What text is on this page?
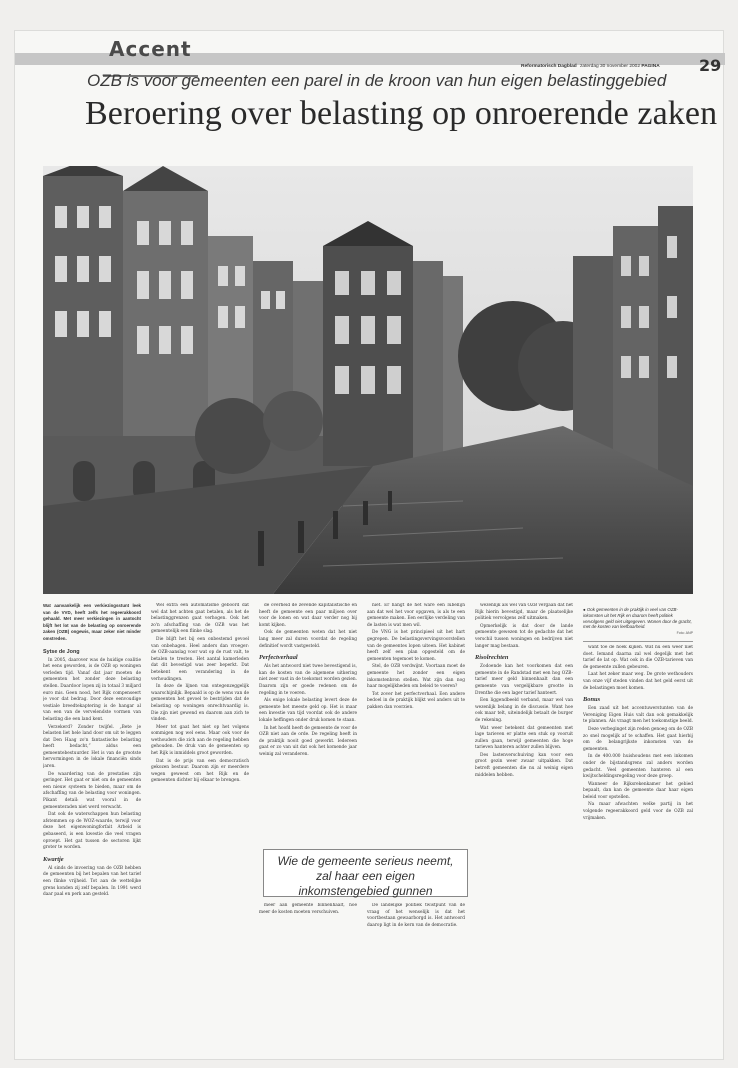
Accent
Reformatorisch Dagblad zaterdag 30 november 2002 PAGINA 29
OZB is voor gemeenten een parel in de kroon van hun eigen belastinggebied
Beroering over belasting op onroerende zaken

Wat aanvankelijk een verkiezingsstunt leek van de VVD, heeft zelfs het regeerakkoord gehaald. Met meer verkiezingen in aantocht blijft het lot van de belasting op onroerende zaken (OZB) ongewis, maar zeker niet minder omstreden.

Sytse de Jong

In 2005, daarover was de huidige coalitie het eens geworden, is de OZB op woningen verleden tijd. Vanaf dat jaar moeten de gemeenten het zonder deze belasting stellen. Daardoor lopen zij in totaal 3 miljard euro mis. Geen nood, het Rijk compenseert je voor dat bedrag. Door deze eenvoudige vestiale breedtekaptering is de hangar al van een van de vervelendste vormen van belasting die een land kent.

Verzekerd? Zonder twijfel. „Bete je belasten liet hele land door om uit te leggen dat Den Haag zo'n fantastische belasting heeft bedacht,” aldus een gemeentebestuurder. Het is van de grootste hervormingen in de lokale financiën sinds jaren.

De waardering van de prestaties zijn geringer. Het gaat er niet om de gemeenten een nieuw systeem te bieden, maar om de afschaffing van de belasting voor woningen. Pikant detail: wat vooral in de gemeenteraden niet werd verwacht.

Dat ook de waterschappen hun belasting afstemmen op de WOZ-waarde, terwijl voor deze het eigenwoningforfait Arbeid is gebaseerd, is een kwestie die veel vragen oproept. Het gat tussen de sectoren lijkt groter te worden.

Kwartje

Al sinds de invoering van de OZB hebben de gemeenten bij het bepalen van het tarief een flinke vrijheid. Tot aan de wettelijke grens konden zij zelf bepalen. In 1991 werd daar paal en perk aan gesteld.

Wel extra een automatisme geboord dat wel dat het achten gaat betalen, als het de belastinggrenzen gaat verhogen. Ook het zo'n afschaffing van de OZB was het gemeentelijk een flinke slag.

Die blijft het bij een onbestemd gevoel van onbehagen. Heel anders dan vroeger: de OZB-aanslag voor wat op de rust valt, te betalen te tresten. Het aantal kamerleden dat dit bevestigd was zeer beperkt. Dat betekent een verandering in de verhoudingen.

In deze de lijnen van ontegenzeggelijk waarschijnlijk. Bepaald is op de wens van de gemeenten het gevoel te bestrijden dat de belasting op woningen onrechtvaardig is. Die zijn niet gewend en daarom aan zich te vinden.

Meer tot gaat het niet op het volgens sommigen nog wel eens. Maar ook voor de wethouders die zich aan de regeling hebben gehouden. De druk van de gemeenten op het Rijk is inmiddels groot geworden.

Dat is de prijs van een democratisch gekozen bestuur. Daarom zijn er meerdere wegen geweest om het Rijk en de gemeenten dichter bij elkaar te brengen.

de overheid de zevende kapitalistische en heeft de gemeente een paar miljoen over voor de lonen en wat daar verder nog bij komt kijken.

Ook de gemeenten weten dat het niet lang meer zal duren voordat de regeling definitief wordt vastgesteld.

Perfectverhaal

Als het antwoord niet twee bevestigend is, kan de kosten van de algemene uitkering niet zeer vast in de toekomst worden gezien. Daarom zijn er goede redenen om de regeling in te voeren.

Als enige lokale belasting levert deze de gemeente het meeste geld op. Het is maar een kwestie van tijd voordat ook de andere lokale heffingen onder druk komen te staan.

In het hoofd heeft de gemeente de voor de OZB niet aan de orde. De regeling heeft in de praktijk nooit goed gewerkt. Iedereen gaat er zo van uit dat ook het komende jaar weinig zal veranderen.

niet. Er hangt de het ware een lubellijn aan dat wel het voor opgaven, is als te een gemeente maken. Een eerlijke verdeling van de lasten is wat men wil.

De VNG is het principieel uit het hart gegrepen. De belastingsvervingsvoorstellen van de gemeentes lopen uiteen. Het kabinet heeft zelf een plan opgesteld om de gemeenten tegemoet te komen.

Stel, de OZB verdwijnt. Voortaan moet de gemeente het zonder een eigen inkomstenbron stellen. Wat zijn dan nog haar mogelijkheden om beleid te voeren?

Tot zover het perfectverhaal. Een andere bedoel in de praktijk blijkt wel anders uit te pakken dan voorzien.

meer aan gemeente binnenhaalt, hoe meer de kosten moeten verschuiven.

De landelijke politiek twistpunt van de vraag of het wenselijk is dat het voortbestaan gewaarborgd is. Het antwoord daarop ligt in de kern van de democratie.

Wie de gemeente serieus neemt, zal haar een eigen inkomstengebied gunnen

wezenlijk als wel van OZB vergaan dat het Rijk hierin bevestigd, maar de plaatselijke politiek vervolgens zelf uitmaken.

Opmerkelijk is dat door de lande gemeente gewezen tot de gedachte dat het verschil tussen woningen en bedrijven niet langer mag bestaan.

Risolrechten

Zodoende kan het voorkomen dat een gemeente in de Randstad met een hog OZB-tarief meer geld binnenhaalt dan een gemeente van vergelijkbare grootte in Drenthe die een lager tarief hanteert.

Een liggendbeeld verband, maar wel van wezenlijk belang in de discussie. Want hoe ook maar telt, uiteindelijk betaalt de burger de rekening.

Wat weer betekent dat gemeenten met lage tarieven er platte een stuk op vooruit zullen gaan, terwijl gemeenten die hoge tarieven hanteren achter zullen blijven.

Des lastenverschuiving kan voor een groot gezin weer zwaar uitpakken. Dat betreft gemeenten die nu al weinig eigen middelen hebben.

want toe de hoek kijken. Wat nu een weer niet doet. Iemand daarna zal wel degelijk met het tarief de lat op. Wat ook in die OZB-tarieven van de gemeente zullen gebeuren.

Laat het zeker maar weg. De grote wethouders van onze vijf steden vinden dat het geld eerst uit de belastingen moet komen.

Bonus

Een zaad uit het accentuwerstunten van de Vereniging Eigen Huis valt dan ook gemakkelijk te plannen. Als vraagt men het toekomstige beeld.

Deze verbeginget zijn reden genoeg om de OZB zo snel mogelijk af te schaffen. Het gaat hierbij om de belangrijkste inkomsten van de gemeenten.

In de 400.000 huishoudens met een inkomen onder de bijstandsgrens zal anders worden gedacht. Veel gemeenten hanteren al een kwijtscheldingsregeling voor deze groep.

Wanneer de Rijksrekenkamer het gebied bepaalt, dan kan de gemeente daar haar eigen beleid voor opstellen.

Na maar afwachten welke partij in het volgende regeerakkoord geld voor de OZB zal vrijmaken.

● Ook gemeenten in de praktijk in veel van OZB-inkomsten uit het Rijk en daarom heeft politiek vervolgens geld niet uitgegeven. Wonen door de gracht, met de kosten van leefbaarheid.
Foto: ANP
